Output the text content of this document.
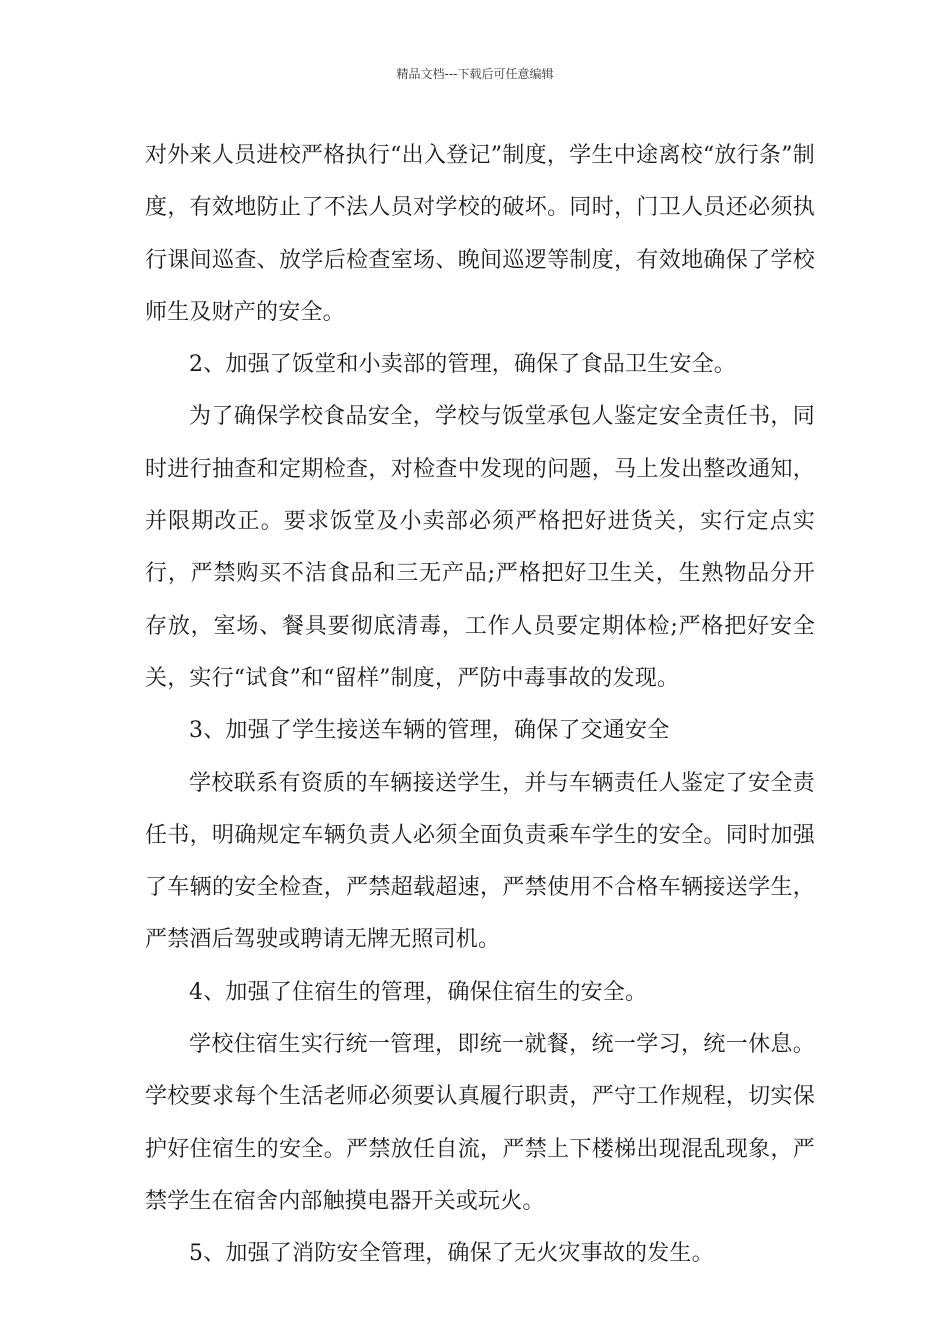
精品文档---下载后可任意编辑

对外来人员进校严格执行“出入登记”制度，学生中途离校“放行条”制度，有效地防止了不法人员对学校的破坏。同时，门卫人员还必须执行课间巡查、放学后检查室场、晚间巡逻等制度，有效地确保了学校师生及财产的安全。

2、加强了饭堂和小卖部的管理，确保了食品卫生安全。

为了确保学校食品安全，学校与饭堂承包人鉴定安全责任书，同时进行抽查和定期检查，对检查中发现的问题，马上发出整改通知，并限期改正。要求饭堂及小卖部必须严格把好进货关，实行定点实行，严禁购买不洁食品和三无产品;严格把好卫生关，生熟物品分开存放，室场、餐具要彻底清毒，工作人员要定期体检;严格把好安全关，实行“试食”和“留样”制度，严防中毒事故的发现。

3、加强了学生接送车辆的管理，确保了交通安全

学校联系有资质的车辆接送学生，并与车辆责任人鉴定了安全责任书，明确规定车辆负责人必须全面负责乘车学生的安全。同时加强了车辆的安全检查，严禁超载超速，严禁使用不合格车辆接送学生，严禁酒后驾驶或聘请无牌无照司机。

4、加强了住宿生的管理，确保住宿生的安全。

学校住宿生实行统一管理，即统一就餐，统一学习，统一休息。学校要求每个生活老师必须要认真履行职责，严守工作规程，切实保护好住宿生的安全。严禁放任自流，严禁上下楼梯出现混乱现象，严禁学生在宿舍内部触摸电器开关或玩火。

5、加强了消防安全管理，确保了无火灾事故的发生。
